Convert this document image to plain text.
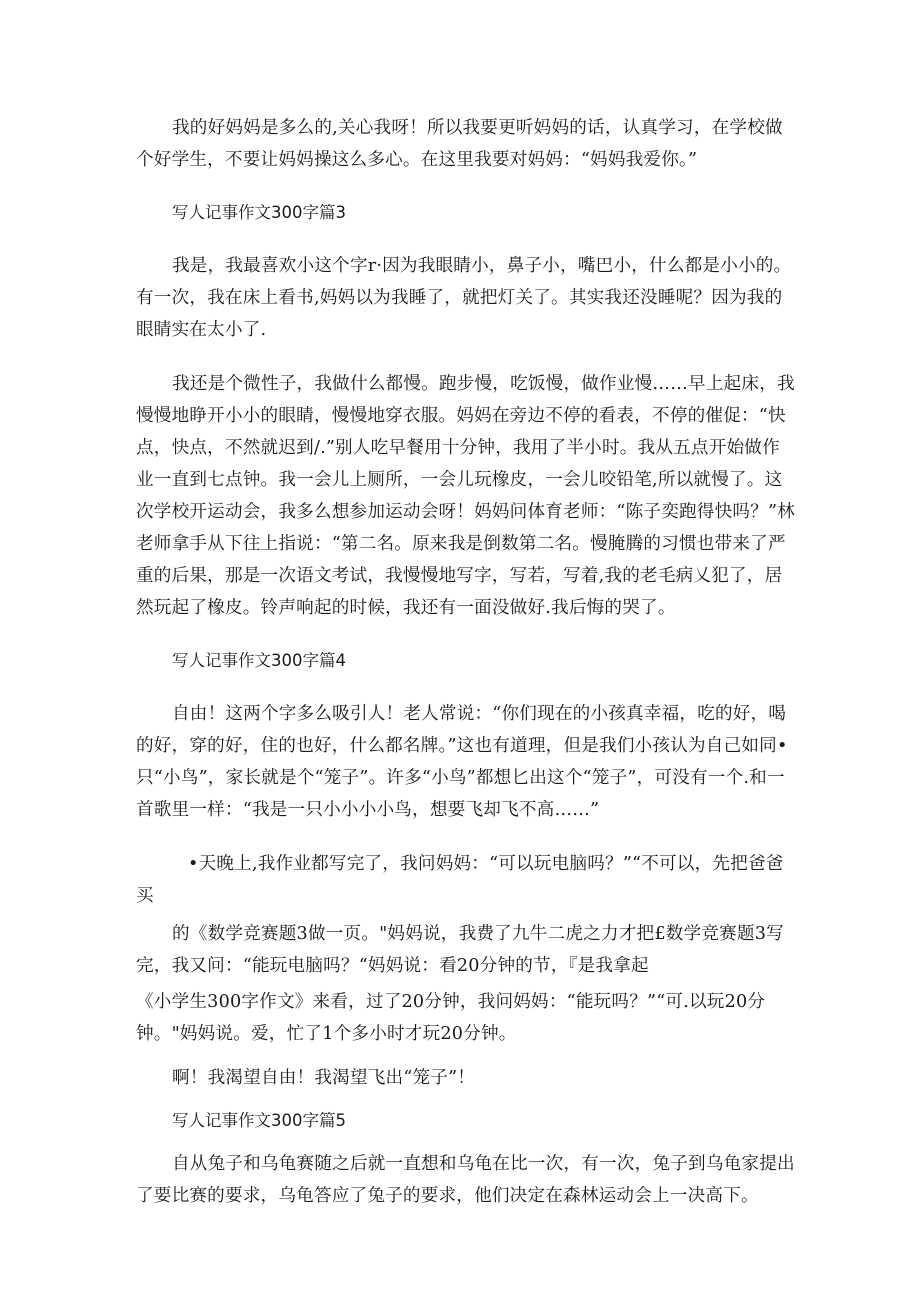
我的好妈妈是多么的,关心我呀！所以我要更听妈妈的话，认真学习，在学校做个好学生，不要让妈妈操这么多心。在这里我要对妈妈：“妈妈我爱你。”

写人记事作文300字篇3

我是，我最喜欢小这个字r·因为我眼睛小，鼻子小，嘴巴小，什么都是小小的。有一次，我在床上看书,妈妈以为我睡了，就把灯关了。其实我还没睡呢？因为我的眼睛实在太小了.

我还是个微性子，我做什么都慢。跑步慢，吃饭慢，做作业慢……早上起床，我慢慢地睁开小小的眼睛，慢慢地穿衣服。妈妈在旁边不停的看表，不停的催促：“快点，快点，不然就迟到/.”别人吃早餐用十分钟，我用了半小时。我从五点开始做作业一直到七点钟。我一会儿上厕所，一会儿玩橡皮，一会儿咬铅笔,所以就慢了。这次学校开运动会，我多么想参加运动会呀！妈妈问体育老师：“陈子奕跑得快吗？”林老师拿手从下往上指说：“第二名。原来我是倒数第二名。慢腌腾的习惯也带来了严重的后果，那是一次语文考试，我慢慢地写字，写若，写着,我的老毛病乂犯了，居然玩起了橡皮。铃声响起的时候，我还有一面没做好.我后悔的哭了。

写人记事作文300字篇4

自由！这两个字多么吸引人！老人常说：“你们现在的小孩真幸福，吃的好，喝的好，穿的好，住的也好，什么都名牌。”这也有道理，但是我们小孩认为自己如同•只“小鸟”，家长就是个“笼子”。许多“小鸟”都想匕出这个“笼子”，可没有一个.和一首歌里一样：“我是一只小小小小鸟，想要飞却飞不高……”

•天晚上,我作业都写完了，我问妈妈：“可以玩电脑吗？”“不可以，先把爸爸买

的《数学竞赛题3做一页。"妈妈说，我费了九牛二虎之力才把£数学竞赛题3写完，我又问：“能玩电脑吗？“妈妈说：看20分钟的节，『是我拿起

《小学生300字作文》来看，过了20分钟，我问妈妈：“能玩吗？”“可.以玩20分钟。"妈妈说。爱，忙了1个多小时才玩20分钟。

啊！我渴望自由！我渴望飞出“笼子”！

写人记事作文300字篇5

自从兔子和乌龟赛随之后就一直想和乌龟在比一次，有一次，兔子到乌龟家提出了要比赛的要求，乌龟答应了兔子的要求，他们决定在森林运动会上一决高下。
